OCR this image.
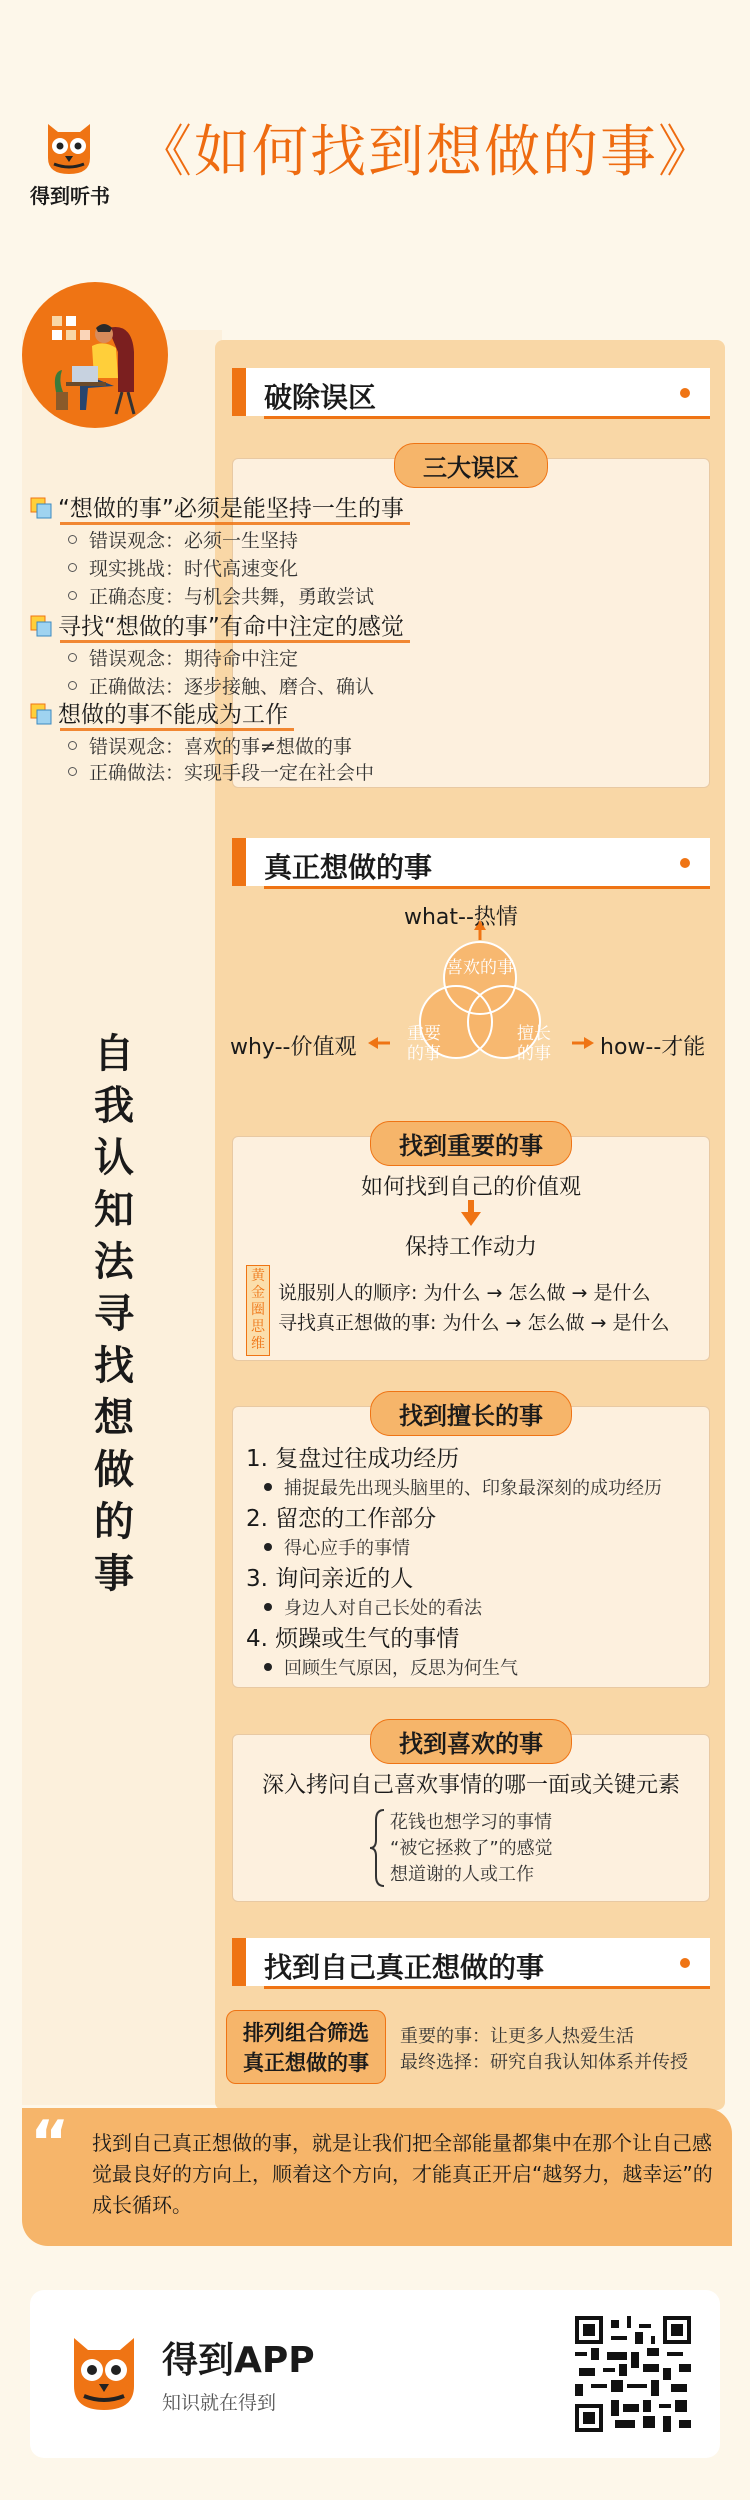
得到听书
《如何找到想做的事》
自
我
认
知
法
寻
找
想
做
的
事
破除误区
三大误区
“想做的事”必须是能坚持一生的事
错误观念：必须一生坚持
现实挑战：时代高速变化
正确态度：与机会共舞，勇敢尝试
寻找“想做的事”有命中注定的感觉
错误观念：期待命中注定
正确做法：逐步接触、磨合、确认
想做的事不能成为工作
错误观念：喜欢的事≠想做的事
正确做法：实现手段一定在社会中
真正想做的事
what--热情
why--价值观	how--才能
喜欢的事
重要的事
擅长的事
找到重要的事
如何找到自己的价值观
保持工作动力
黄金圈思维
说服别人的顺序: 为什么 → 怎么做 → 是什么
寻找真正想做的事: 为什么 → 怎么做 → 是什么
找到擅长的事
1. 复盘过往成功经历
捕捉最先出现头脑里的、印象最深刻的成功经历
2. 留恋的工作部分
得心应手的事情
3. 询问亲近的人
身边人对自己长处的看法
4. 烦躁或生气的事情
回顾生气原因，反思为何生气
找到喜欢的事
深入拷问自己喜欢事情的哪一面或关键元素
花钱也想学习的事情
“被它拯救了”的感觉
想道谢的人或工作
找到自己真正想做的事
排列组合筛选
真正想做的事
重要的事：让更多人热爱生活
最终选择：研究自我认知体系并传授
“ 找到自己真正想做的事，就是让我们把全部能量都集中在那个让自己感觉最良好的方向上，顺着这个方向，才能真正开启“越努力，越幸运”的成长循环。
得到APP
知识就在得到
